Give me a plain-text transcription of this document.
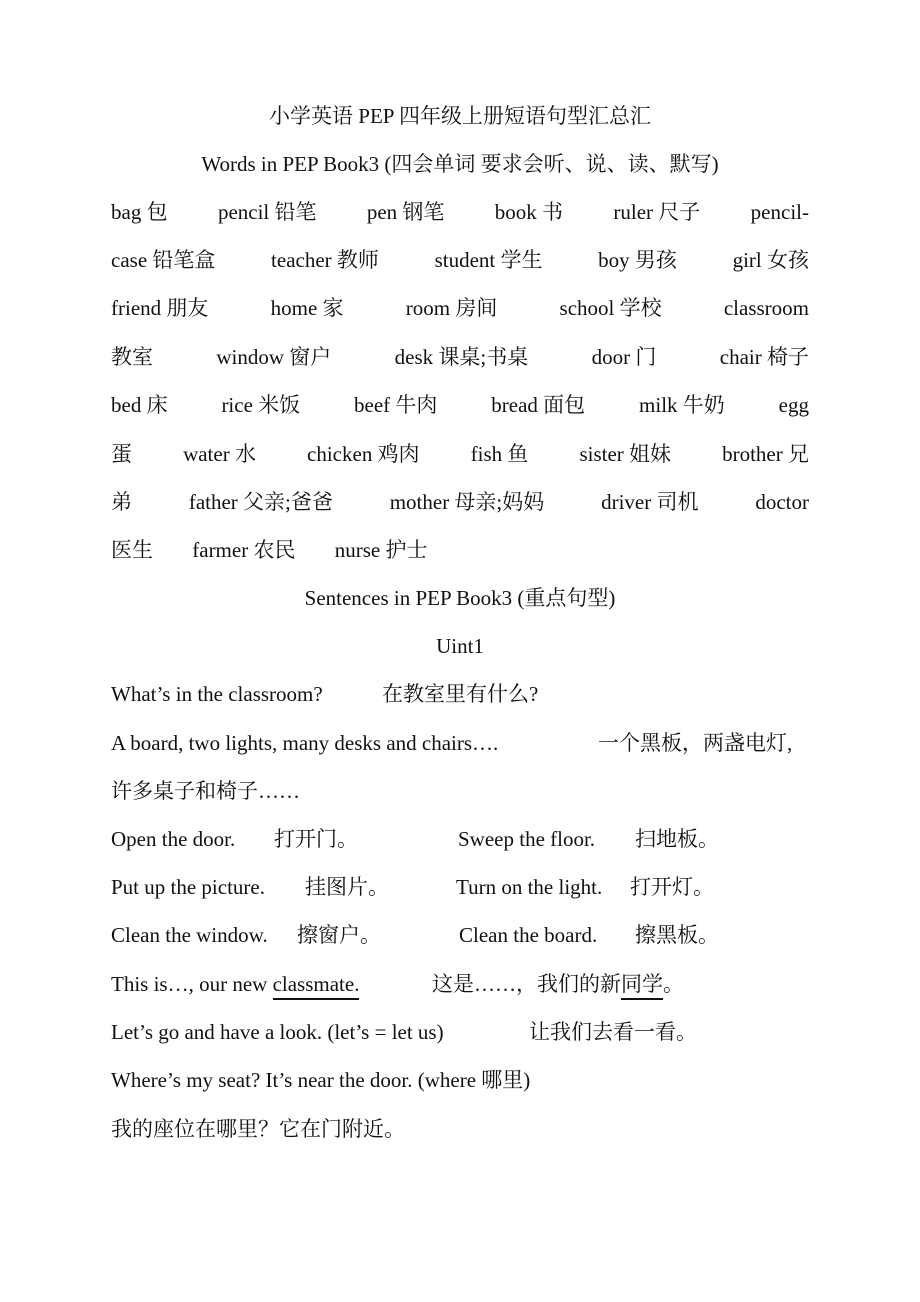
小学英语 PEP 四年级上册短语句型汇总汇
Words in PEP Book3 (四会单词 要求会听、说、读、默写)
bag 包 pencil 铅笔 pen 钢笔 book 书 ruler 尺子 pencil-
case 铅笔盒	teacher 教师	student 学生	boy 男孩	girl 女孩
friend 朋友	home 家	room 房间	school 学校	classroom
教室	window 窗户	desk 课桌;书桌	door 门	chair 椅子
bed 床	rice 米饭	beef 牛肉	bread 面包	milk 牛奶	egg
蛋 water 水 chicken 鸡肉 fish 鱼 sister 姐妹 brother 兄
弟	father 父亲;爸爸	mother 母亲;妈妈	driver 司机	doctor
医生 farmer 农民 nurse 护士
Sentences in PEP Book3 (重点句型)
Uint1
What’s in the classroom?	在教室里有什么?
A board, two lights, many desks and chairs….	一个黑板，两盏电灯,
许多桌子和椅子……
Open the door. 打开门。	Sweep the floor. 扫地板。
Put up the picture. 挂图片。	Turn on the light. 打开灯。
Clean the window. 擦窗户。	Clean the board. 擦黑板。
This is…, our new classmate.	这是……，我们的新同学。
Let’s go and have a look. (let’s = let us)	让我们去看一看。
Where’s my seat? It’s near the door. (where 哪里)
我的座位在哪里？它在门附近。
